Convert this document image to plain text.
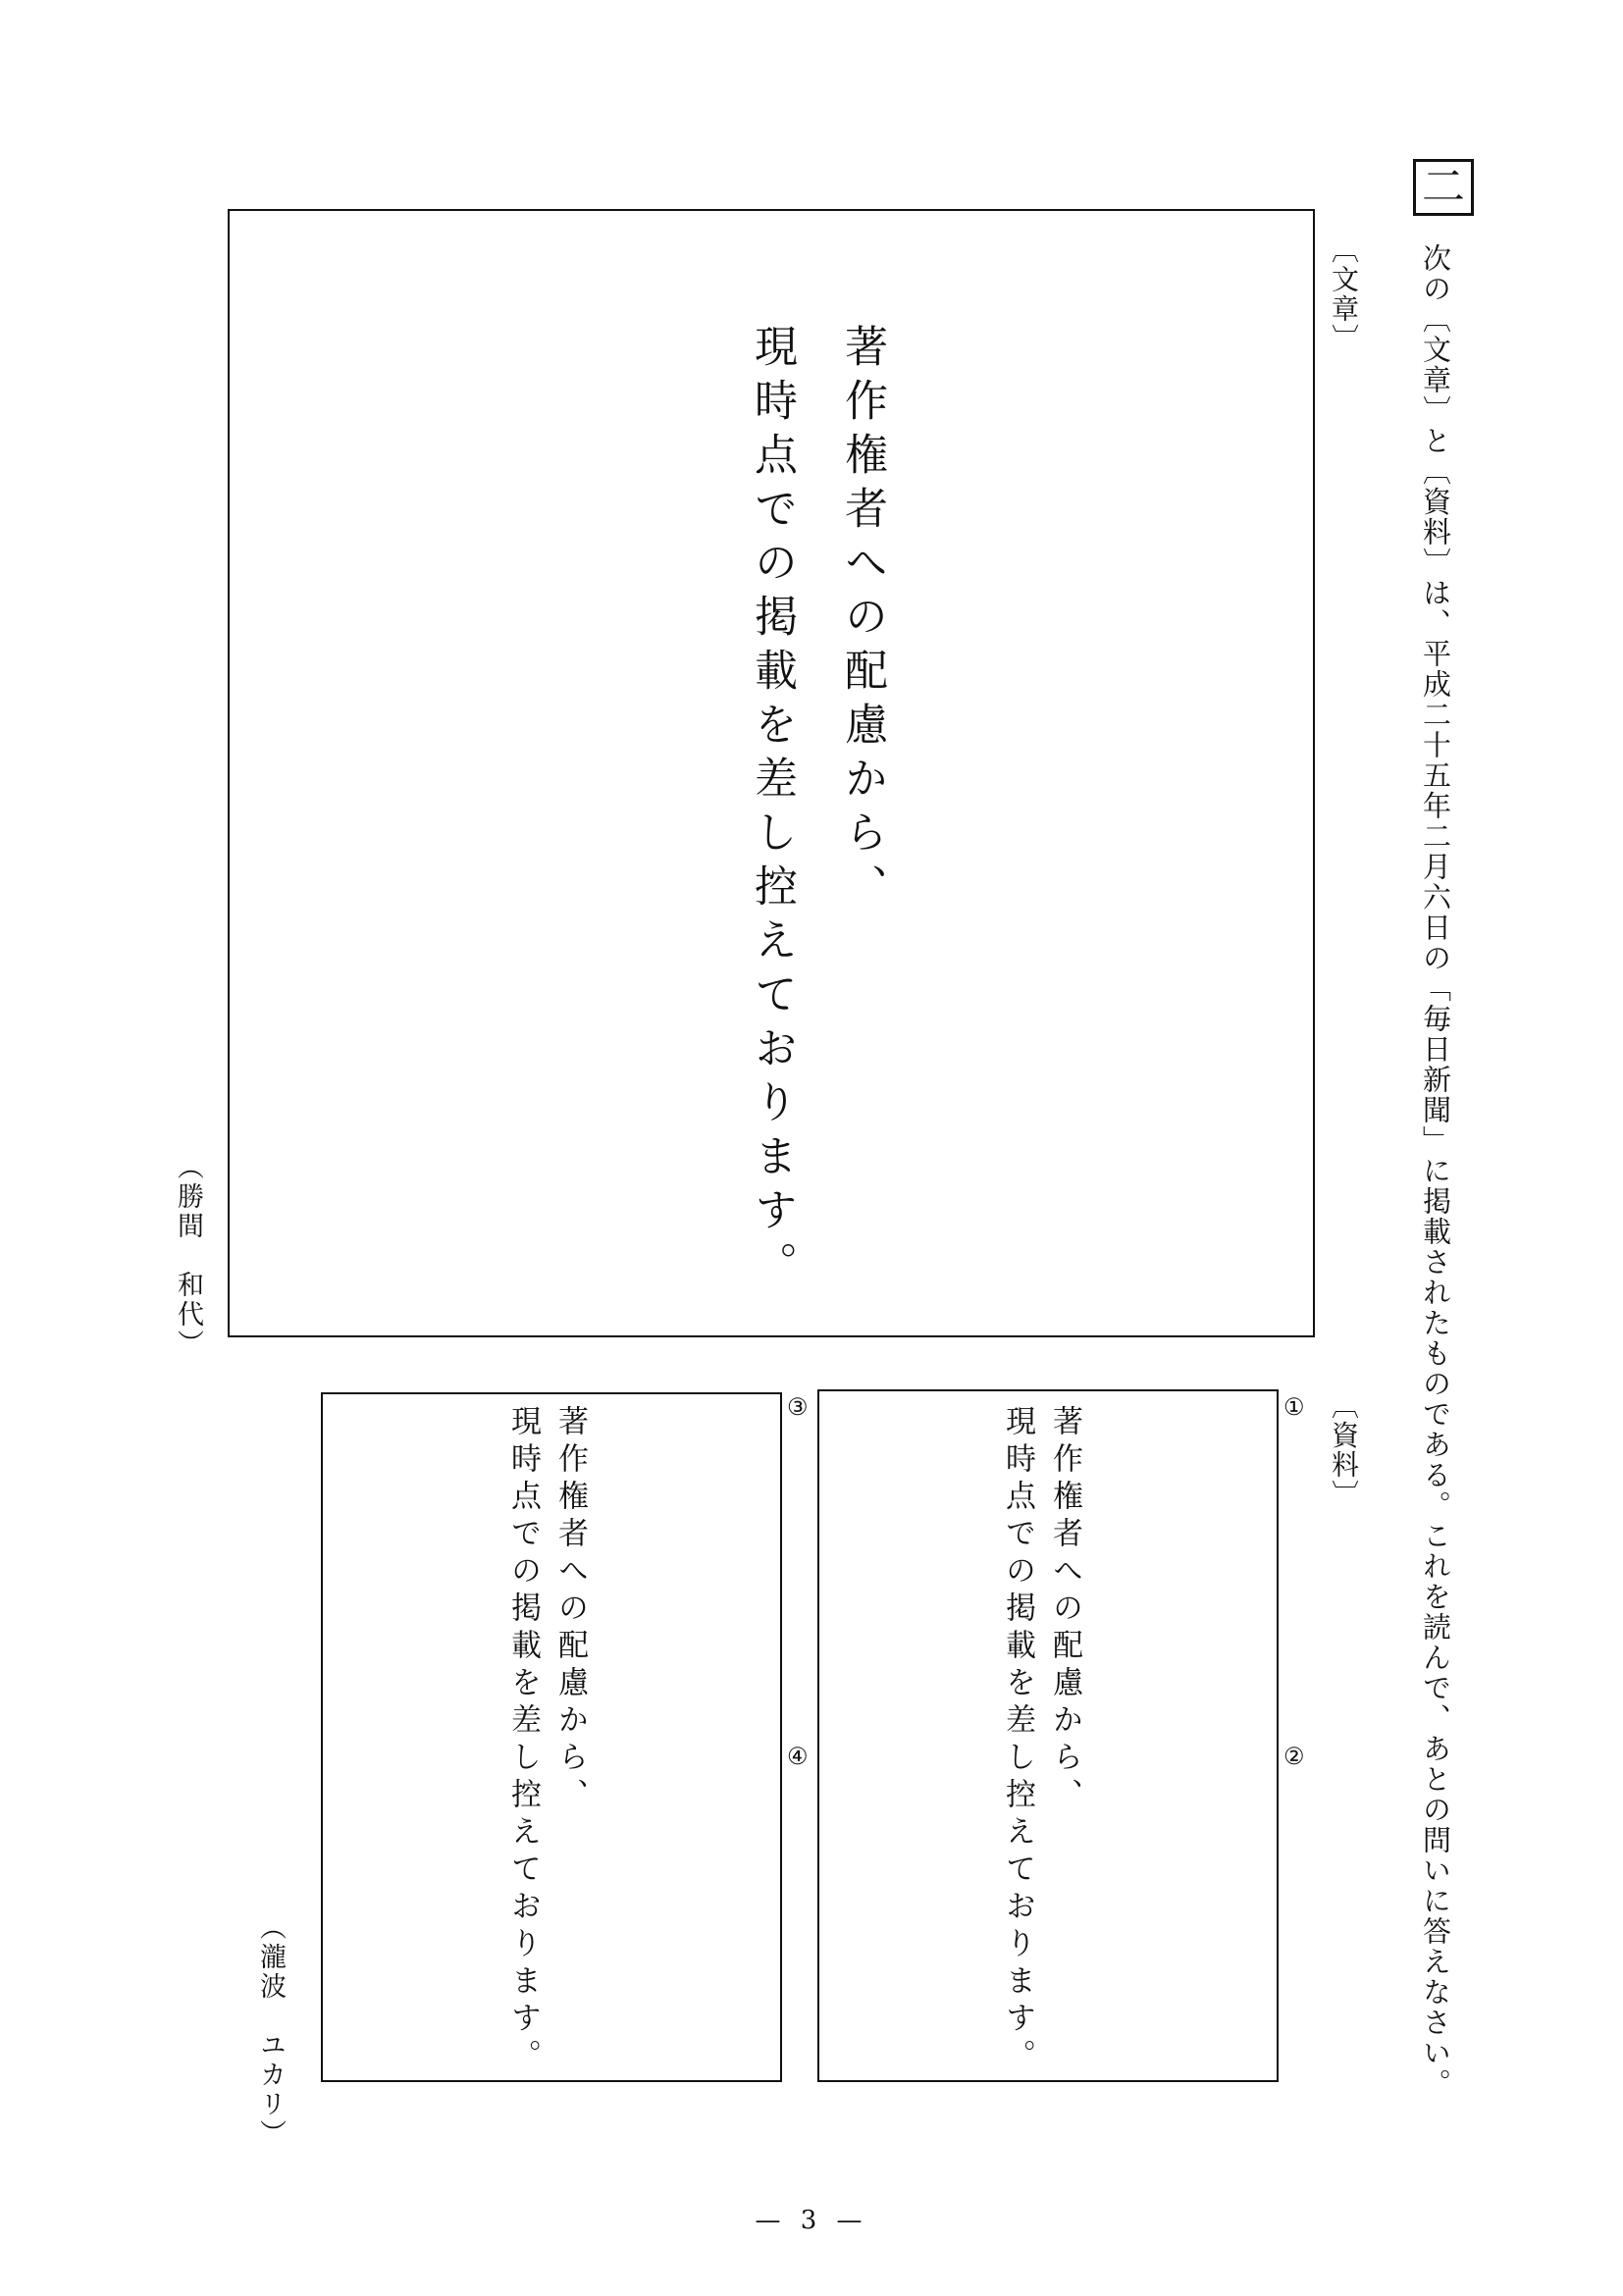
二
次の〔文章〕と〔資料〕は、平成二十五年二月六日の「毎日新聞」に掲載されたものである。これを読んで、あとの問いに答えなさい。
〔文章〕
著作権者への配慮から、
現時点での掲載を差し控えております。
（勝間　和代）
〔資料〕
著作権者への配慮から、
現時点での掲載を差し控えております。	①
②
著作権者への配慮から、
現時点での掲載を差し控えております。	③
④
（瀧波　ユカリ）
— 3 —
